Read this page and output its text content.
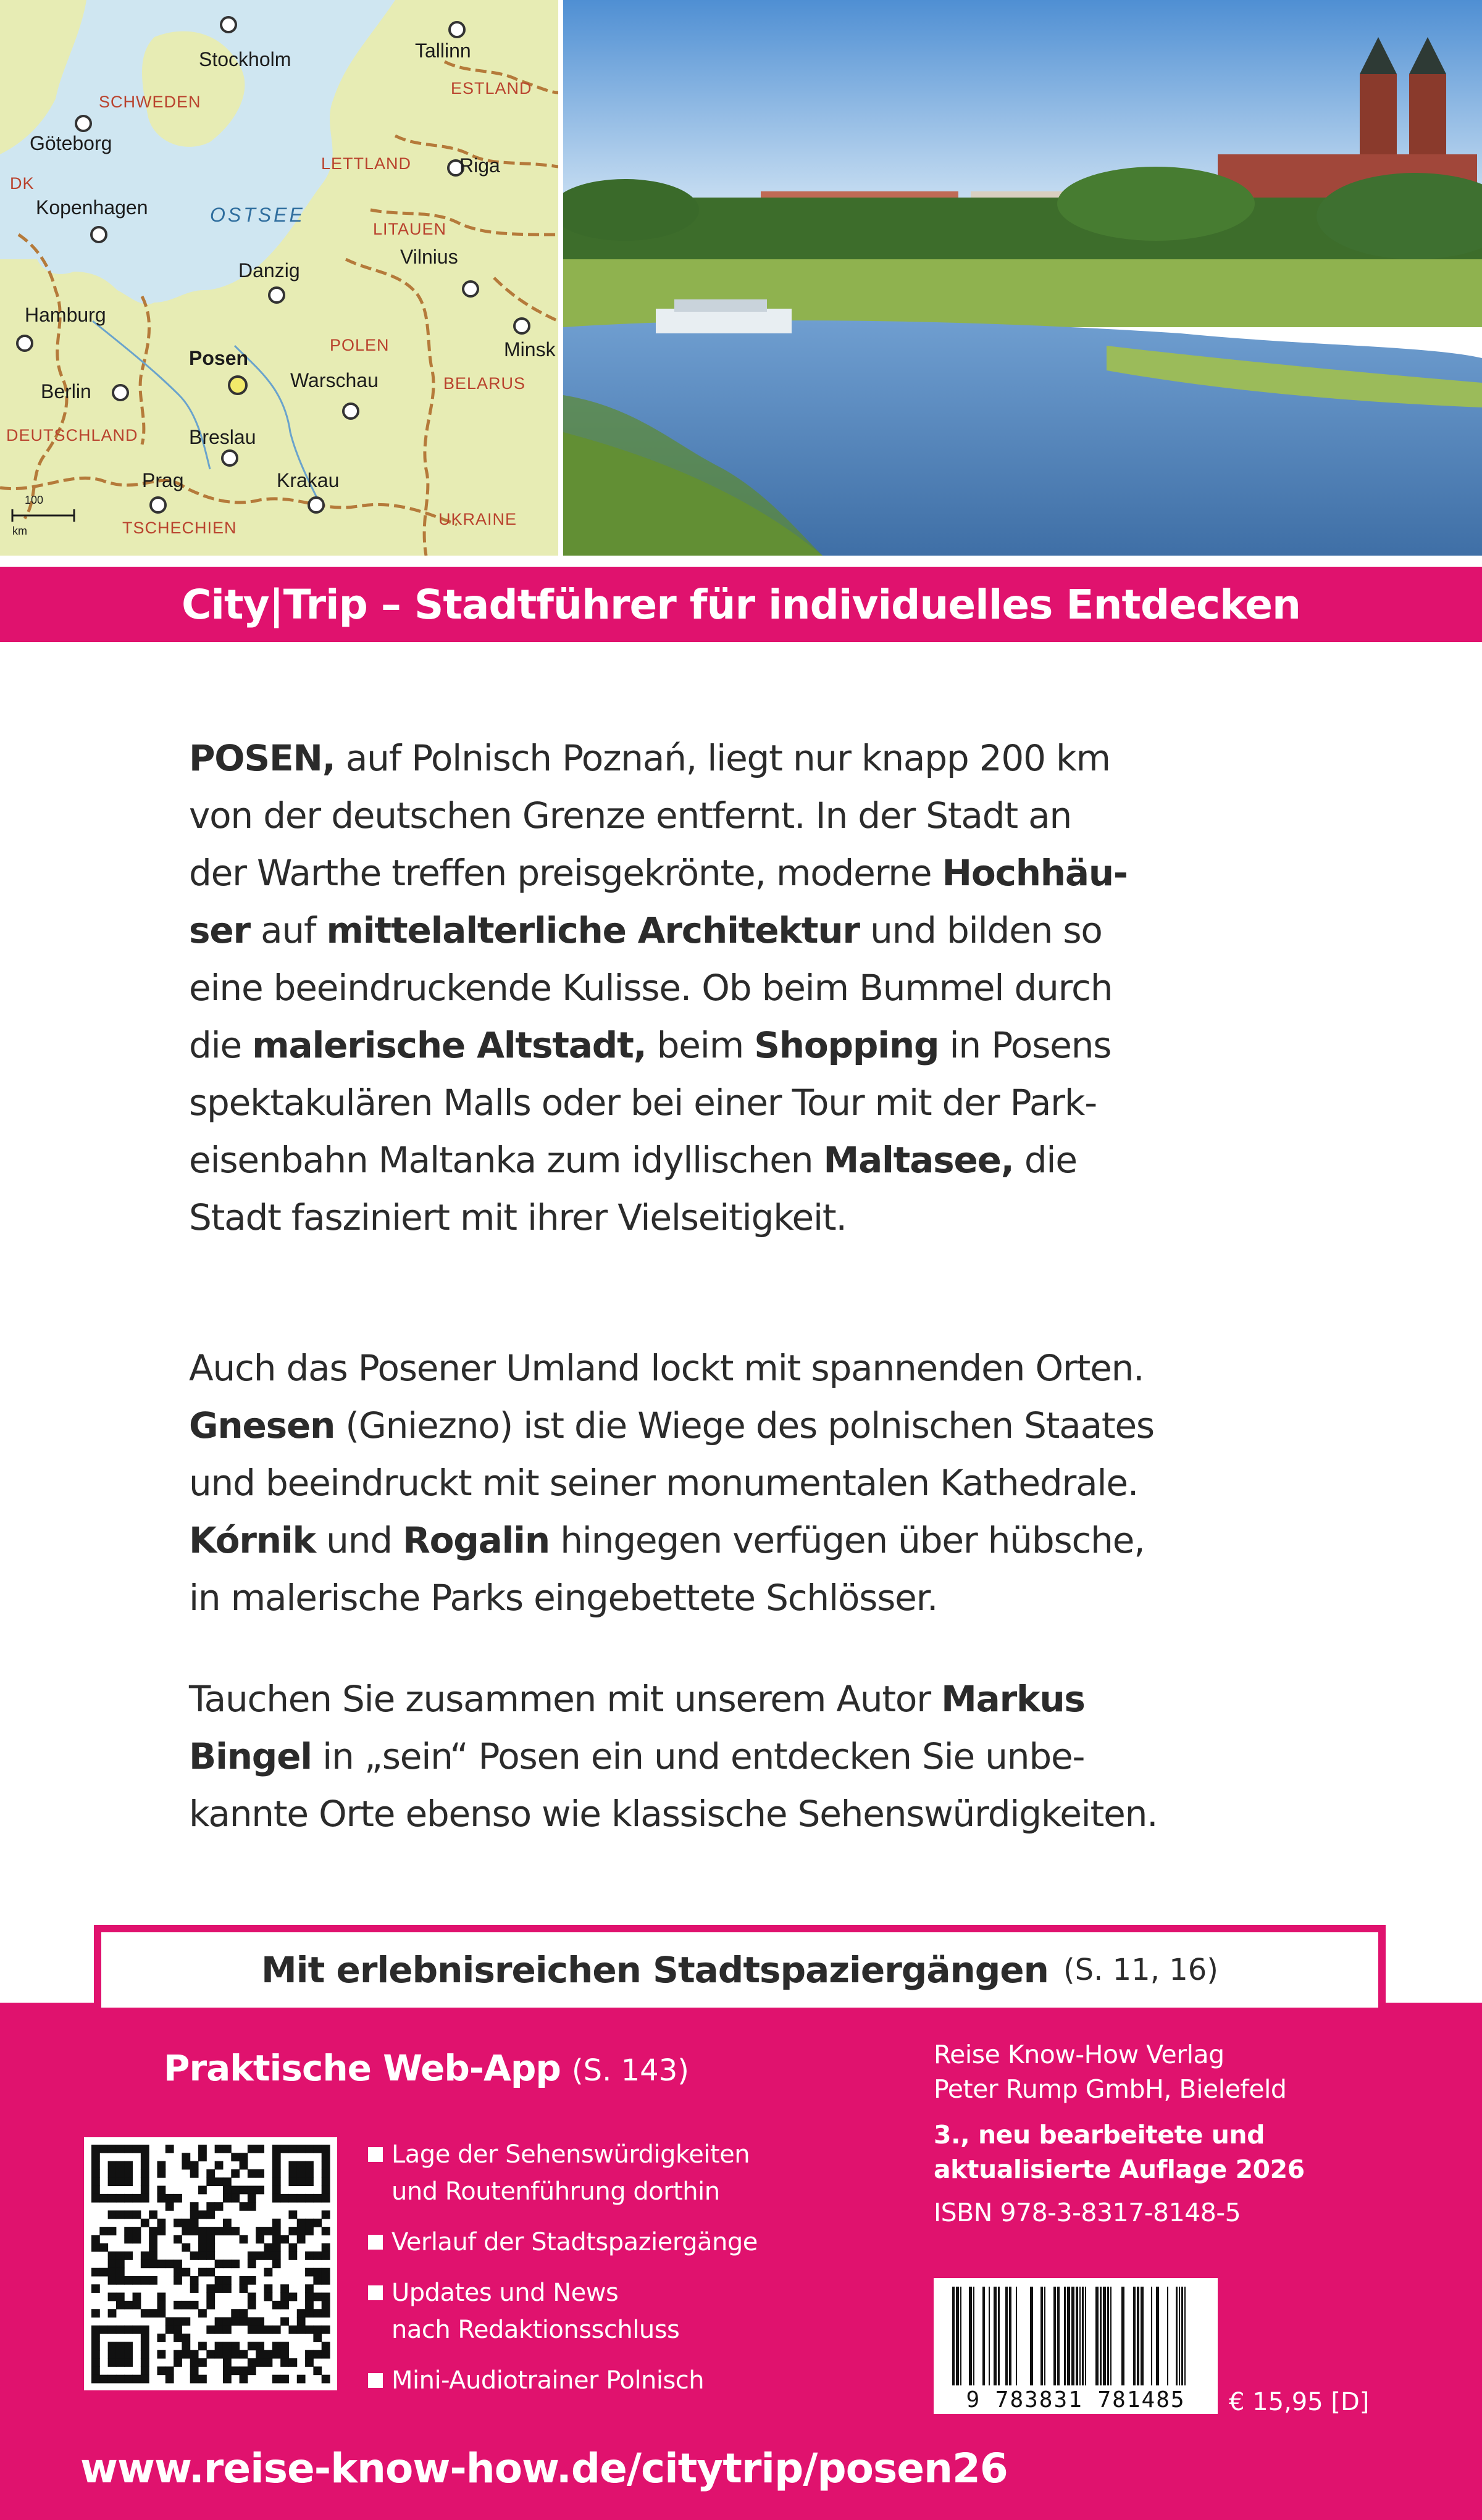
Stockholm	Tallinn
Göteborg
Riga
Kopenhagen
Vilnius
Danzig
Hamburg
Posen	Minsk
Berlin	Warschau
Breslau
Prag	Krakau
SCHWEDEN
ESTLAND
DK
LETTLAND
LITAUEN
POLEN
BELARUS
DEUTSCHLAND
TSCHECHIEN	UKRAINE
OSTSEE
100
km
City|Trip – Stadtführer für individuelles Entdecken
POSEN, auf Polnisch Poznań, liegt nur knapp 200 km
von der deutschen Grenze entfernt. In der Stadt an
der Warthe treffen preisgekrönte, moderne Hochhäu-
ser auf mittelalterliche Architektur und bilden so
eine beeindruckende Kulisse. Ob beim Bummel durch
die malerische Altstadt, beim Shopping in Posens
spektakulären Malls oder bei einer Tour mit der Park-
eisenbahn Maltanka zum idyllischen Maltasee, die
Stadt fasziniert mit ihrer Vielseitigkeit.
Auch das Posener Umland lockt mit spannenden Orten.
Gnesen (Gniezno) ist die Wiege des polnischen Staates
und beeindruckt mit seiner monumentalen Kathedrale.
Kórnik und Rogalin hingegen verfügen über hübsche,
in malerische Parks eingebettete Schlösser.
Tauchen Sie zusammen mit unserem Autor Markus
Bingel in „sein“ Posen ein und entdecken Sie unbe-
kannte Orte ebenso wie klassische Sehenswürdigkeiten.
Mit erlebnisreichen Stadtspaziergängen (S. 11, 16)
Praktische Web-App (S. 143)
Lage der Sehenswürdigkeiten
und Routenführung dorthin
Verlauf der Stadtspaziergänge
Updates und News
nach Redaktionsschluss
Mini-Audiotrainer Polnisch
Reise Know-How Verlag
Peter Rump GmbH, Bielefeld
3., neu bearbeitete und
aktualisierte Auflage 2026
ISBN 978-3-8317-8148-5
9 783831 781485	€ 15,95 [D]
www.reise-know-how.de/citytrip/posen26
